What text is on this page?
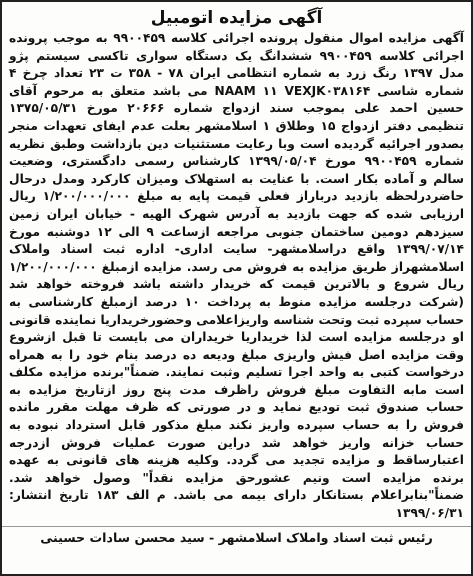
آگهی مزایده اتومبیل
آگهی مزایده اموال منقول پرونده اجرائی کلاسه ۹۹۰۰۴۵۹ به موجب پرونده اجرائی کلاسه ۹۹۰۰۴۵۹ ششدانگ یک دستگاه سواری تاکسی سیستم پژو مدل ۱۳۹۷ رنگ زرد به شماره انتظامی ایران ۷۸ - ۳۵۸ ت ۲۳ تعداد چرخ ۴ شماره شاسی NAAM ۱۱ VEXJK۰۳۸۱۶۴ می باشد متعلق به مرحوم آقای حسین احمد علی بموجب سند ازدواج شماره ۲۰۶۶۶ مورخ ۱۳۷۵/۰۵/۳۱ تنظیمی دفتر ازدواج ۱۵ وطلاق ۱ اسلامشهر بعلت عدم ایفای تعهدات منجر بصدور اجرائیه گردیده است وبا رعایت مستثنیات دین بازداشت وطبق نظریه شماره ۹۹۰۰۴۵۹ مورخ ۱۳۹۹/۰۵/۰۴ کارشناس رسمی دادگستری، وضعیت سالم و آماده بکار است. با عنایت به استهلاک ومیزان کارکرد ومدل درحال حاضردرلحظه بازدید درباراز فعلی قیمت پایه به مبلغ ۱/۲۰۰/۰۰۰/۰۰۰ ریال ارزیابی شده که جهت بازدید به آدرس شهرک الهیه - خیابان ایران زمین سیزدهم دومین ساختمان جنوبی مراجعه ازساعت ۹ الی ۱۲ دوشنبه مورخ ۱۳۹۹/۰۷/۱۴ واقع دراسلامشهر- سایت اداری- اداره ثبت اسناد واملاک اسلامشهراز طریق مزایده به فروش می رسد. مزایده ازمبلغ ۱/۲۰۰/۰۰۰/۰۰۰ ریال شروع و بالاترین قیمت که خریدار داشته باشد فروخته خواهد شد (شرکت درجلسه مزایده منوط به پرداخت ۱۰ درصد ازمبلغ کارشناسی به حساب سپرده ثبت وتحت شناسه واریزاعلامی وحضورخریداریا نماینده قانونی او درجلسه مزایده است لذا خریداریا خریداران می بایست تا قبل ازشروع وقت مزایده اصل فیش واریزی مبلغ ودیعه ده درصد بنام خود را به همراه درخواست کتبی به واحد اجرا تسلیم وثبت نمایند. ضمناً"برنده مزایده مکلف است مابه التفاوت مبلغ فروش راظرف مدت پنج روز ازتاریخ مزایده به حساب صندوق ثبت تودیع نماید و در صورتی که ظرف مهلت مقرر مانده فروش را به حساب سپرده واریز نکند مبلغ مذکور قابل استرداد نبوده به حساب خزانه واریز خواهد شد دراین صورت عملیات فروش ازدرجه اعتبارساقط و مزایده تجدید می گردد. وکلیه هزینه های قانونی به عهده برنده مزایده است ونیم عشورحق مزایده نقداً" وصول خواهد شد. ضمناً"بنابراعلام بستانکار دارای بیمه می باشد. م الف ۱۸۳ تاریخ انتشار: ۱۳۹۹/۰۶/۳۱
رئیس ثبت اسناد واملاک اسلامشهر - سید محسن سادات حسینی
